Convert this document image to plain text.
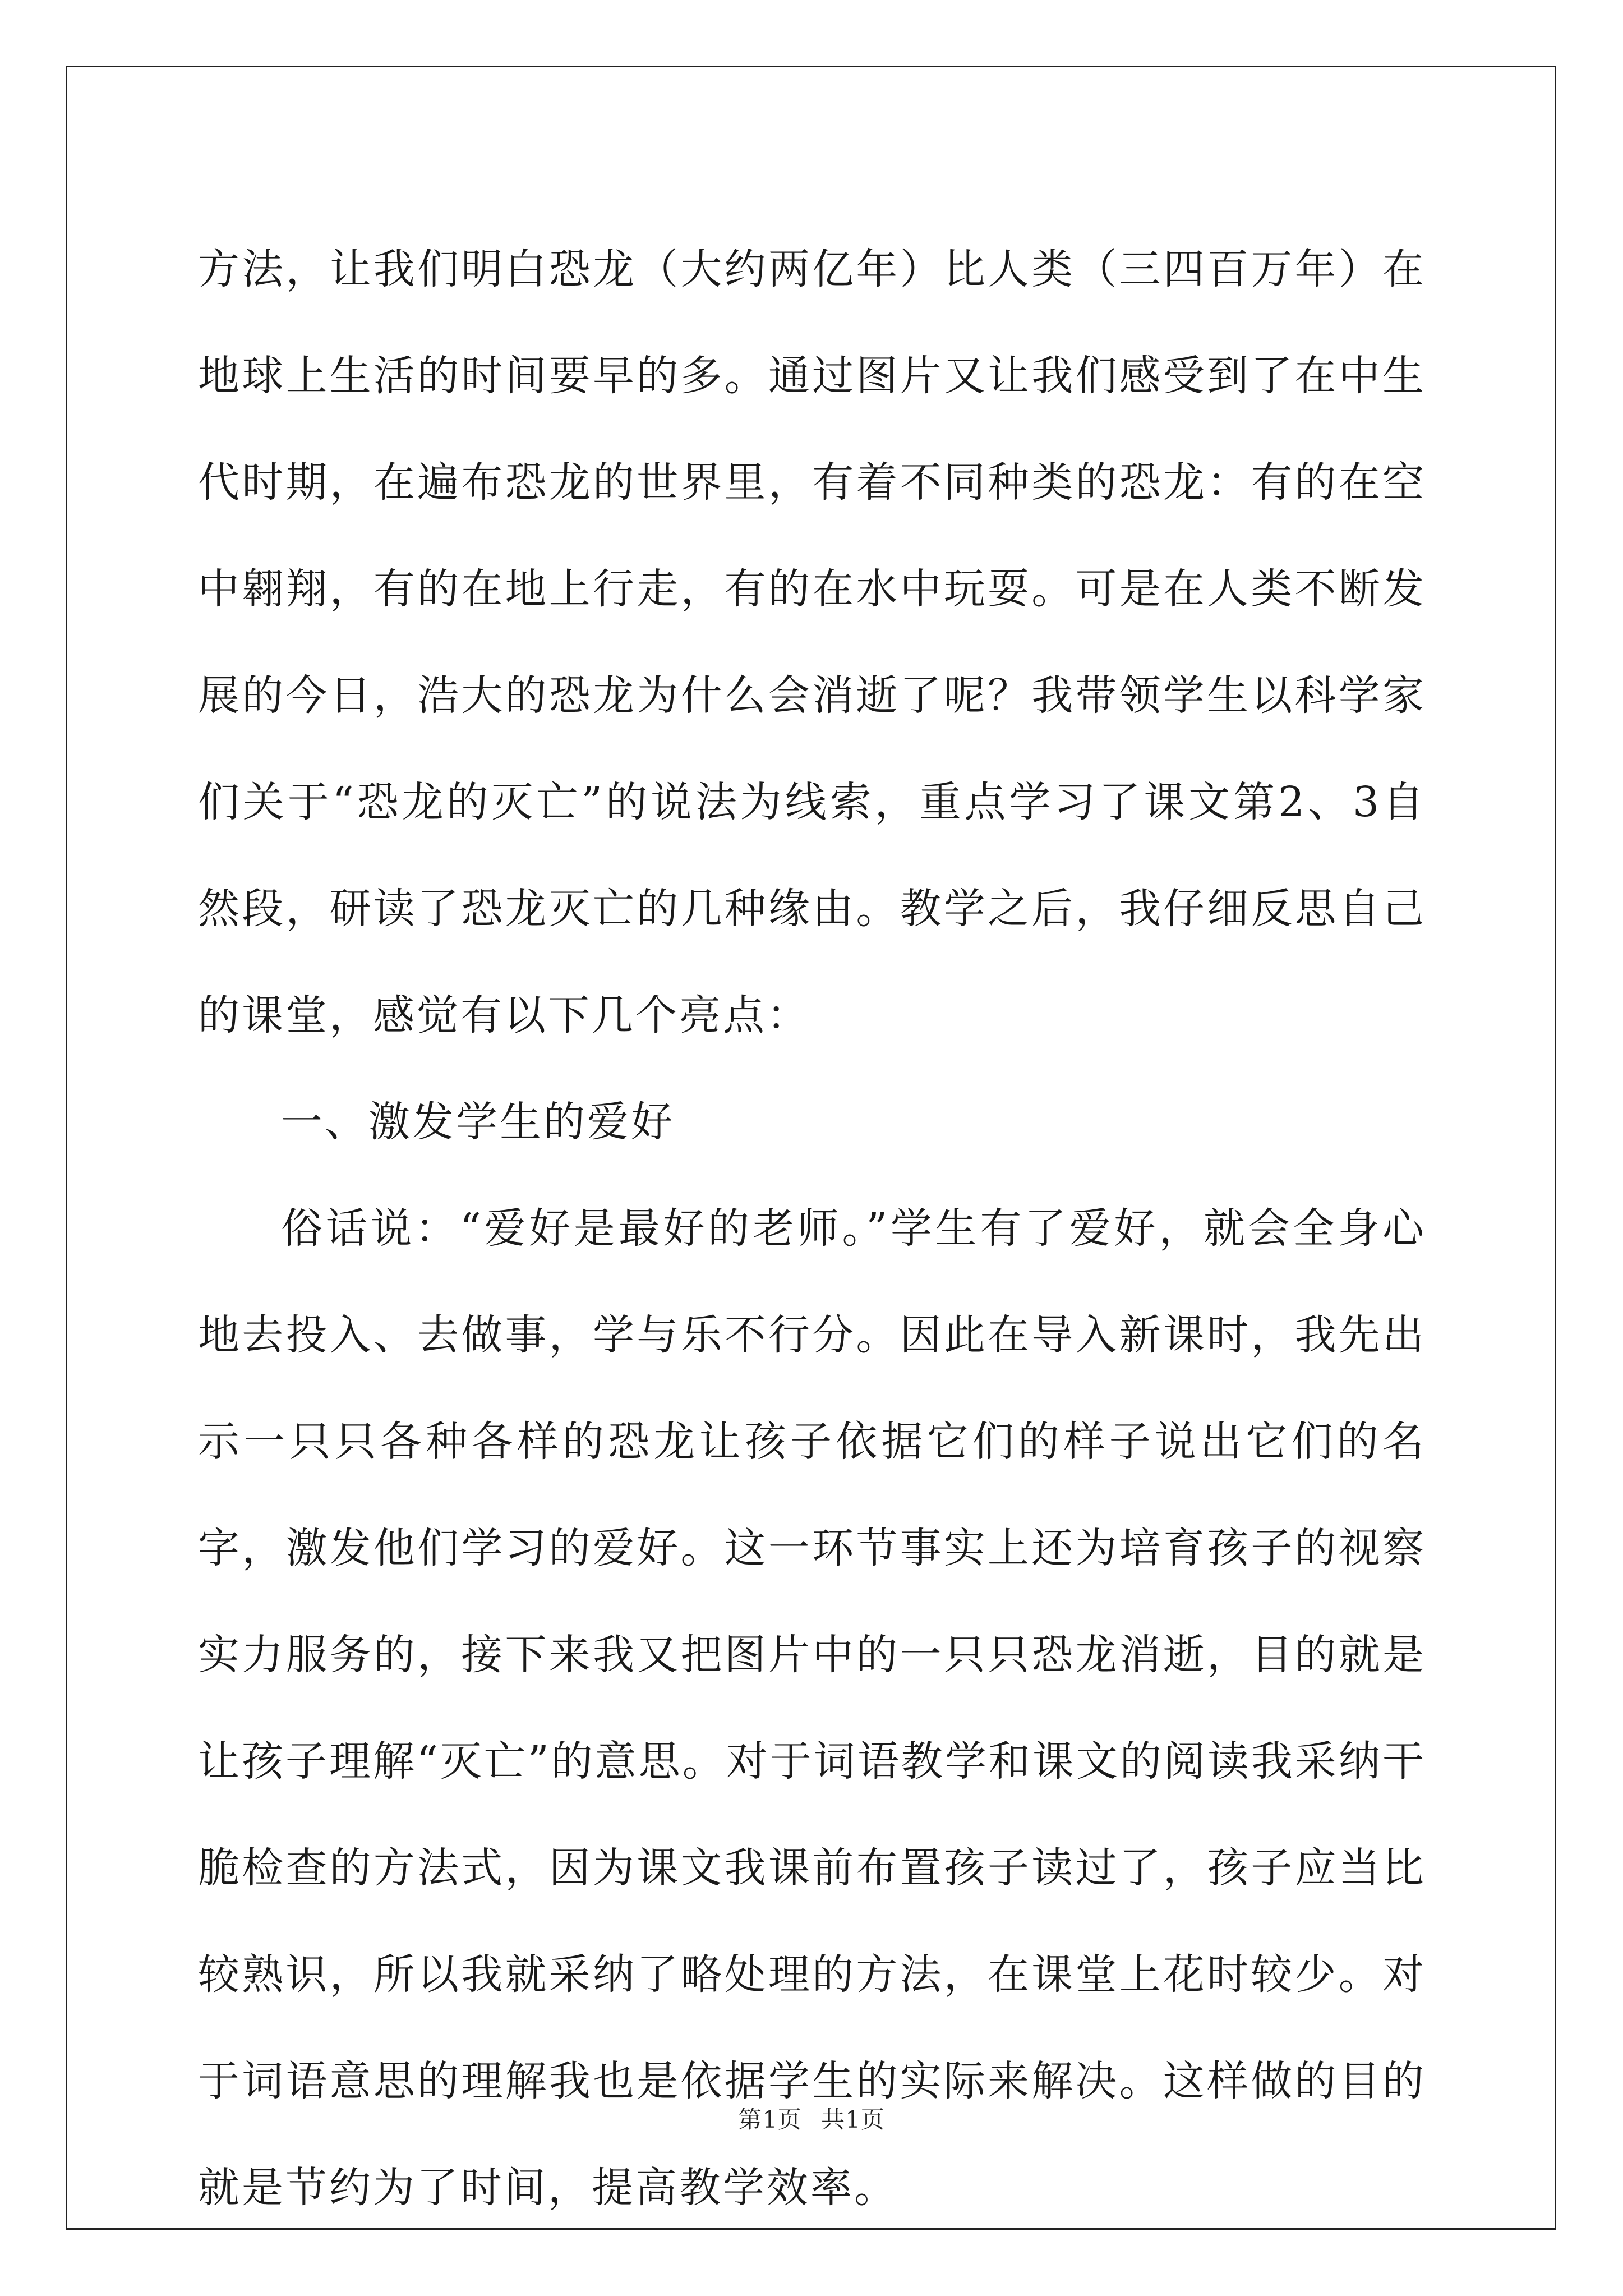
方法，让我们明白恐龙（大约两亿年）比人类（三四百万年）在地球上生活的时间要早的多。通过图片又让我们感受到了在中生代时期，在遍布恐龙的世界里，有着不同种类的恐龙：有的在空中翱翔，有的在地上行走，有的在水中玩耍。可是在人类不断发展的今日，浩大的恐龙为什么会消逝了呢？我带领学生以科学家们关于“恐龙的灭亡”的说法为线索，重点学习了课文第2、3自然段，研读了恐龙灭亡的几种缘由。教学之后，我仔细反思自己的课堂，感觉有以下几个亮点：

一、激发学生的爱好

俗话说：“爱好是最好的老师。”学生有了爱好，就会全身心地去投入、去做事，学与乐不行分。因此在导入新课时，我先出示一只只各种各样的恐龙让孩子依据它们的样子说出它们的名字，激发他们学习的爱好。这一环节事实上还为培育孩子的视察实力服务的，接下来我又把图片中的一只只恐龙消逝，目的就是让孩子理解“灭亡”的意思。对于词语教学和课文的阅读我采纳干脆检查的方法式，因为课文我课前布置孩子读过了，孩子应当比较熟识，所以我就采纳了略处理的方法，在课堂上花时较少。对于词语意思的理解我也是依据学生的实际来解决。这样做的目的就是节约为了时间，提高教学效率。

第1页 共1页
